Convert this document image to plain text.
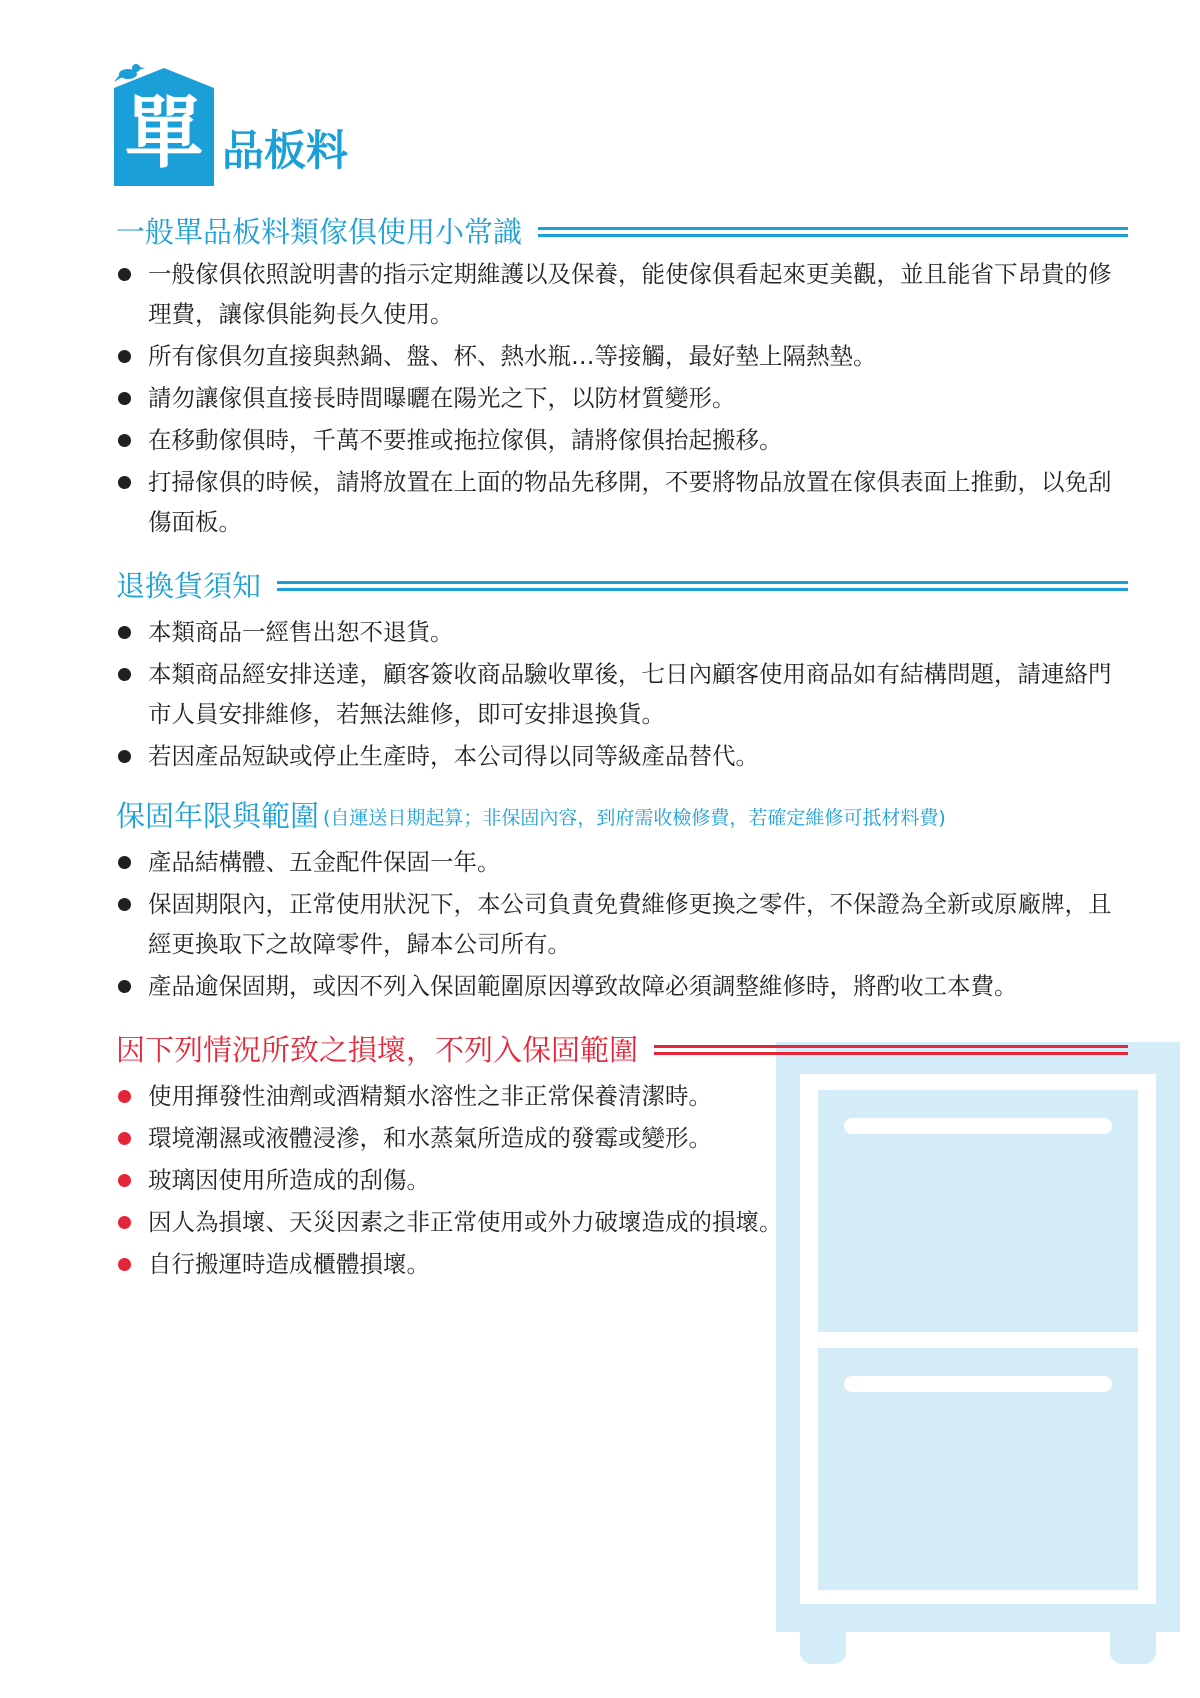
單 品板料
一般單品板料類傢俱使用小常識
一般傢俱依照說明書的指示定期維護以及保養，能使傢俱看起來更美觀，並且能省下昂貴的修理費，讓傢俱能夠長久使用。
所有傢俱勿直接與熱鍋、盤、杯、熱水瓶…等接觸，最好墊上隔熱墊。
請勿讓傢俱直接長時間曝曬在陽光之下，以防材質變形。
在移動傢俱時，千萬不要推或拖拉傢俱，請將傢俱抬起搬移。
打掃傢俱的時候，請將放置在上面的物品先移開，不要將物品放置在傢俱表面上推動，以免刮傷面板。
退換貨須知
本類商品一經售出恕不退貨。
本類商品經安排送達，顧客簽收商品驗收單後，七日內顧客使用商品如有結構問題，請連絡門市人員安排維修，若無法維修，即可安排退換貨。
若因產品短缺或停止生產時，本公司得以同等級產品替代。
保固年限與範圍 (自運送日期起算；非保固內容，到府需收檢修費，若確定維修可抵材料費)
產品結構體、五金配件保固一年。
保固期限內，正常使用狀況下，本公司負責免費維修更換之零件，不保證為全新或原廠牌，且經更換取下之故障零件，歸本公司所有。
產品逾保固期，或因不列入保固範圍原因導致故障必須調整維修時，將酌收工本費。
因下列情況所致之損壞，不列入保固範圍
使用揮發性油劑或酒精類水溶性之非正常保養清潔時。
環境潮濕或液體浸滲，和水蒸氣所造成的發霉或變形。
玻璃因使用所造成的刮傷。
因人為損壞、天災因素之非正常使用或外力破壞造成的損壞。
自行搬運時造成櫃體損壞。
